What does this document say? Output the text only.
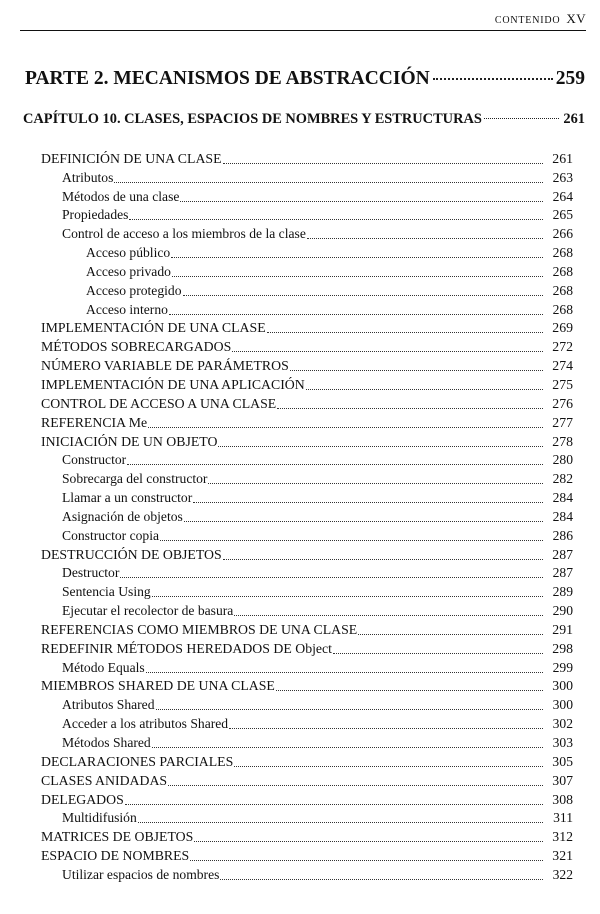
CONTENIDO XV
PARTE 2. MECANISMOS DE ABSTRACCIÓN	259
CAPÍTULO 10. CLASES, ESPACIOS DE NOMBRES Y ESTRUCTURAS	261
DEFINICIÓN DE UNA CLASE	261
Atributos	263
Métodos de una clase	264
Propiedades	265
Control de acceso a los miembros de la clase	266
Acceso público	268
Acceso privado	268
Acceso protegido	268
Acceso interno	268
IMPLEMENTACIÓN DE UNA CLASE	269
MÉTODOS SOBRECARGADOS	272
NÚMERO VARIABLE DE PARÁMETROS	274
IMPLEMENTACIÓN DE UNA APLICACIÓN	275
CONTROL DE ACCESO A UNA CLASE	276
REFERENCIA Me	277
INICIACIÓN DE UN OBJETO	278
Constructor	280
Sobrecarga del constructor	282
Llamar a un constructor	284
Asignación de objetos	284
Constructor copia	286
DESTRUCCIÓN DE OBJETOS	287
Destructor	287
Sentencia Using	289
Ejecutar el recolector de basura	290
REFERENCIAS COMO MIEMBROS DE UNA CLASE	291
REDEFINIR MÉTODOS HEREDADOS DE Object	298
Método Equals	299
MIEMBROS SHARED DE UNA CLASE	300
Atributos Shared	300
Acceder a los atributos Shared	302
Métodos Shared	303
DECLARACIONES PARCIALES	305
CLASES ANIDADAS	307
DELEGADOS	308
Multidifusión	311
MATRICES DE OBJETOS	312
ESPACIO DE NOMBRES	321
Utilizar espacios de nombres	322
